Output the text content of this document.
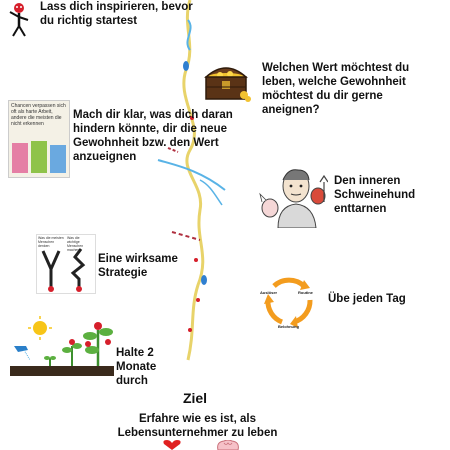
Lass dich inspirieren, bevor du richtig startest
Welchen Wert möchtest du leben, welche Gewohnheit möchtest du dir gerne aneignen?
Chancen verpassen sich oft als harte Arbeit, andere die meisten die nicht erkennen
Mach dir klar, was dich daran hindern könnte, dir die neue Gewohnheit bzw. den Wert anzueignen
Den inneren Schweinehund enttarnen
Was die meisten Menschen denken
Was die wichtige Menschen machen
Eine wirksame Strategie
Auslöser	Routine
Belohnung
Übe jeden Tag
Halte 2 Monate durch
Ziel
Erfahre wie es ist, als Lebensunternehmer zu leben
